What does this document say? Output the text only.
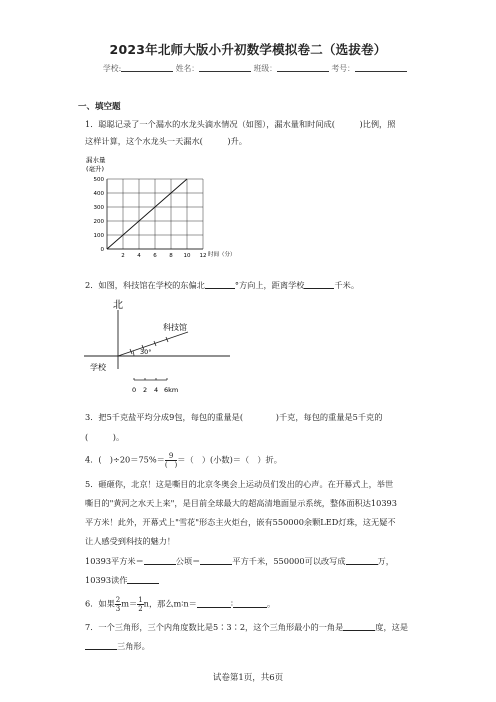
2023年北师大版小升初数学模拟卷二（选拔卷）
学校:	姓名：	班级：	考号：
一、填空题
1．聪聪记录了一个漏水的水龙头滴水情况（如图），漏水量和时间成(　　　)比例，照
这样计算，这个水龙头一天漏水(　　　)升。
漏水量
(毫升)
500
400
300
200
100
0
2 4 6 8 10 12 时间（分）
2．如图，科技馆在学校的东偏北	°方向上，距离学校	千米。
北
30°
科技馆
学校
0 2 4 6km
3．把5千克盐平均分成9包，每包的重量是(　　　　)千克，每包的重量是5千克的
(　　　)。
4．(　)$\div 20=75\%= \frac{9}{( )}$ ＝（　）(小数)＝（　）折。
5．砸砸你，北京！这是嘶目的北京冬奥会上运动员们发出的心声。在开幕式上，举世
嘶目的"黄河之水天上来"，是目前全球最大的超高清地面显示系统，整体面积达10393
平方米！此外，开幕式上"雪花"形态主火炬台，嵌有550000余颗LED灯珠，这无疑不
让人感受到科技的魅力！
10393平方米＝	公顷＝	平方千米，550000可以改写成	万，
10393读作
6．如果 $\frac{2}{3} m= \frac{1}{2}$ n，那么m∶n＝	∶	。
7．一个三角形，三个内角度数比是5∶3∶2，这个三角形最小的一角是	度，这是
三角形。
试卷第1页，共6页
